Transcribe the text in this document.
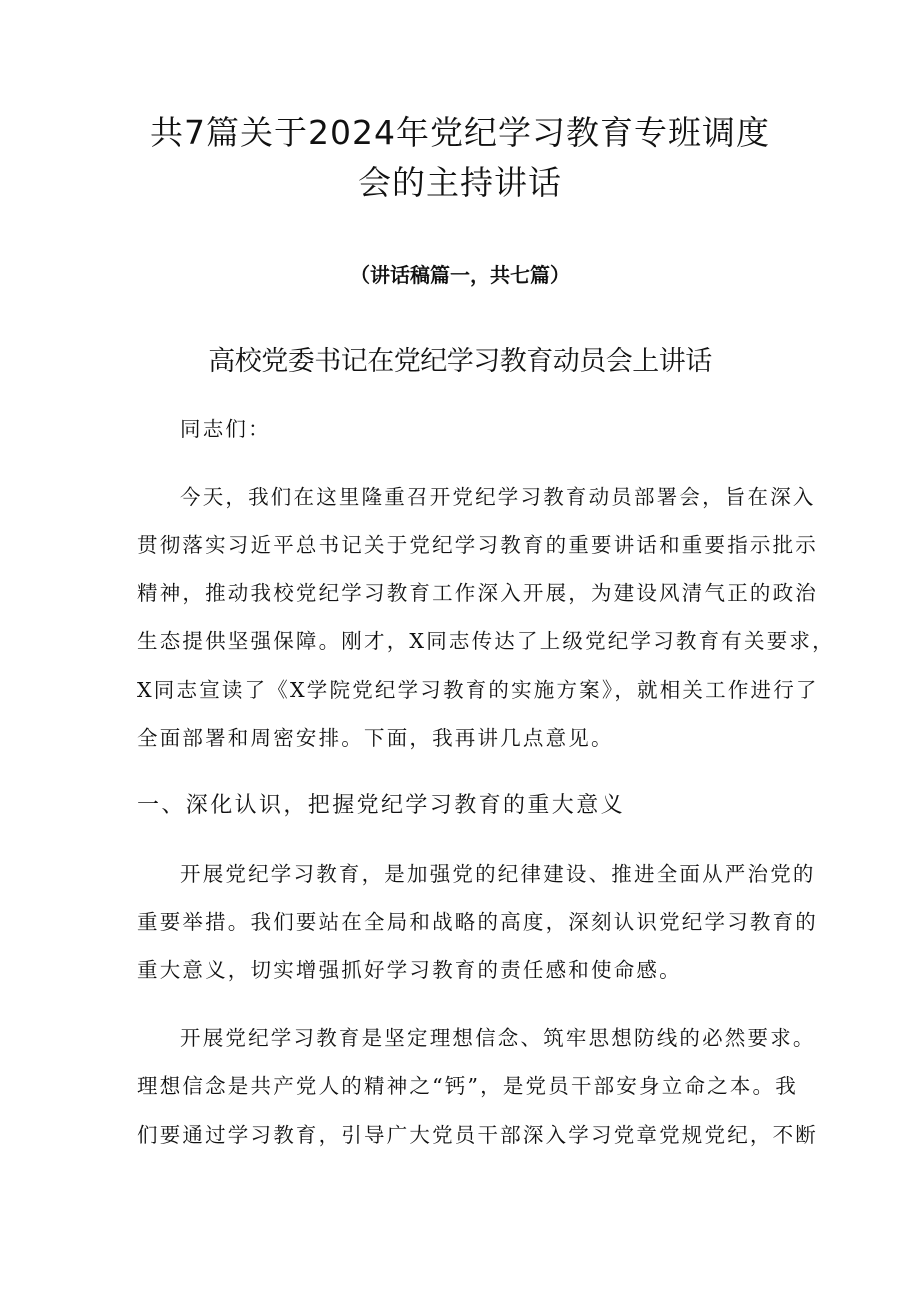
共7篇关于2024年党纪学习教育专班调度
会的主持讲话
（讲话稿篇一，共七篇）
高校党委书记在党纪学习教育动员会上讲话
同志们：
今天，我们在这里隆重召开党纪学习教育动员部署会，旨在深入
贯彻落实习近平总书记关于党纪学习教育的重要讲话和重要指示批示
精神，推动我校党纪学习教育工作深入开展，为建设风清气正的政治
生态提供坚强保障。刚才，X同志传达了上级党纪学习教育有关要求，
X同志宣读了《X学院党纪学习教育的实施方案》，就相关工作进行了
全面部署和周密安排。下面，我再讲几点意见。
一、深化认识，把握党纪学习教育的重大意义
开展党纪学习教育，是加强党的纪律建设、推进全面从严治党的
重要举措。我们要站在全局和战略的高度，深刻认识党纪学习教育的
重大意义，切实增强抓好学习教育的责任感和使命感。
开展党纪学习教育是坚定理想信念、筑牢思想防线的必然要求。
理想信念是共产党人的精神之“钙”，是党员干部安身立命之本。我
们要通过学习教育，引导广大党员干部深入学习党章党规党纪，不断
